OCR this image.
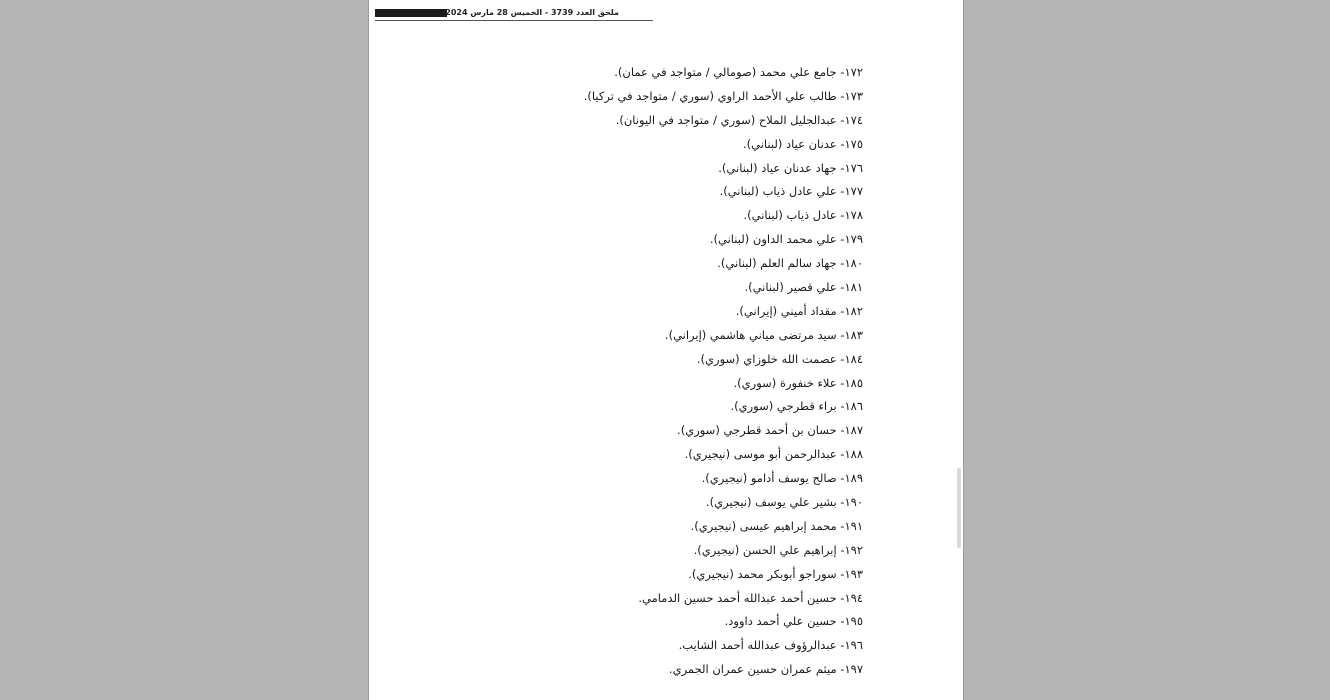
ملحق العدد 3739 - الخميس 28 مارس 2024
١٧٢- جامع علي محمد (صومالي / متواجد في عمان).
١٧٣- طالب علي الأحمد الراوي (سوري / متواجد في تركيا).
١٧٤- عبدالجليل الملاح (سوري / متواجد في اليونان).
١٧٥- عدنان عياد (لبناني).
١٧٦- جهاد عدنان عياد (لبناني).
١٧٧- علي عادل ذياب (لبناني).
١٧٨- عادل ذياب (لبناني).
١٧٩- علي محمد الداون (لبناني).
١٨٠- جهاد سالم العلم (لبناني).
١٨١- علي قصير (لبناني).
١٨٢- مقداد أميني (إيراني).
١٨٣- سيد مرتضى مياني هاشمي (إيراني).
١٨٤- عصمت الله خلوزاي (سوري).
١٨٥- علاء خنفورة (سوري).
١٨٦- براء قطرجي (سوري).
١٨٧- حسان بن أحمد قطرجي (سوري).
١٨٨- عبدالرحمن أبو موسى (نيجيري).
١٨٩- صالح يوسف أدامو (نيجيري).
١٩٠- بشير علي يوسف (نيجيري).
١٩١- محمد إبراهيم عيسى (نيجيري).
١٩٢- إبراهيم علي الحسن (نيجيري).
١٩٣- سوراجو أبوبكر محمد (نيجيري).
١٩٤- حسين أحمد عبدالله أحمد حسين الدمامي.
١٩٥- حسين علي أحمد داوود.
١٩٦- عبدالرؤوف عبدالله أحمد الشايب.
١٩٧- ميثم عمران حسين عمران الجمري.
